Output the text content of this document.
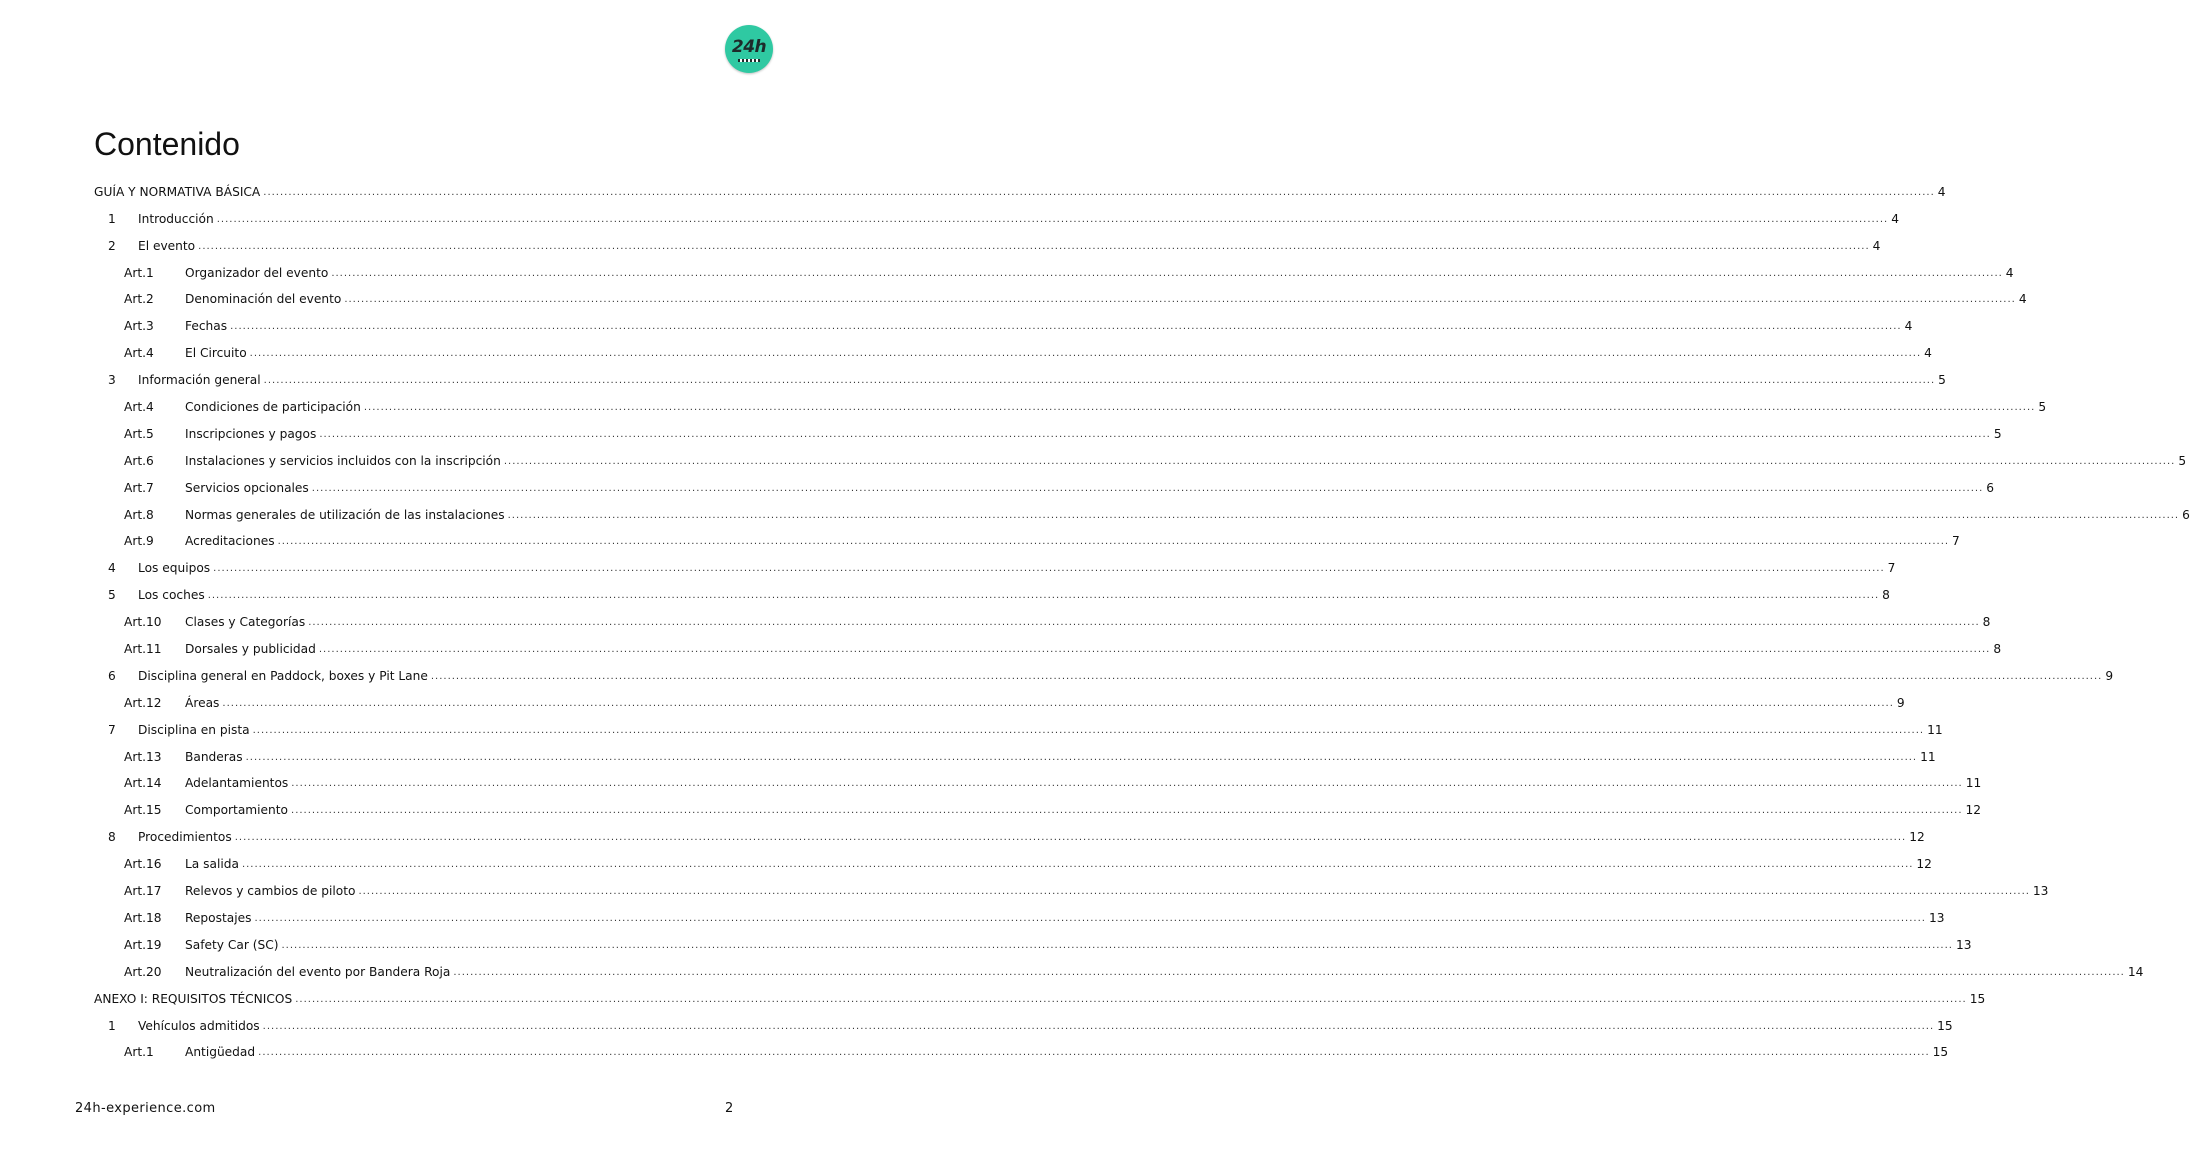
24h
Contenido
GUÍA Y NORMATIVA BÁSICA ................................................................................................................................................................................................................................................................................................................................................................................................................ 4
1	Introducción ................................................................................................................................................................................................................................................................................................................................................................................................................ 4
2	El evento ................................................................................................................................................................................................................................................................................................................................................................................................................ 4
Art.1	Organizador del evento ................................................................................................................................................................................................................................................................................................................................................................................................................ 4
Art.2	Denominación del evento ................................................................................................................................................................................................................................................................................................................................................................................................................ 4
Art.3	Fechas ................................................................................................................................................................................................................................................................................................................................................................................................................ 4
Art.4	El Circuito ................................................................................................................................................................................................................................................................................................................................................................................................................ 4
3	Información general ................................................................................................................................................................................................................................................................................................................................................................................................................ 5
Art.4	Condiciones de participación ................................................................................................................................................................................................................................................................................................................................................................................................................ 5
Art.5	Inscripciones y pagos ................................................................................................................................................................................................................................................................................................................................................................................................................ 5
Art.6	Instalaciones y servicios incluidos con la inscripción ................................................................................................................................................................................................................................................................................................................................................................................................................ 5
Art.7	Servicios opcionales ................................................................................................................................................................................................................................................................................................................................................................................................................ 6
Art.8	Normas generales de utilización de las instalaciones ................................................................................................................................................................................................................................................................................................................................................................................................................ 6
Art.9	Acreditaciones ................................................................................................................................................................................................................................................................................................................................................................................................................ 7
4	Los equipos ................................................................................................................................................................................................................................................................................................................................................................................................................ 7
5	Los coches ................................................................................................................................................................................................................................................................................................................................................................................................................ 8
Art.10	Clases y Categorías ................................................................................................................................................................................................................................................................................................................................................................................................................ 8
Art.11	Dorsales y publicidad ................................................................................................................................................................................................................................................................................................................................................................................................................ 8
6	Disciplina general en Paddock, boxes y Pit Lane ................................................................................................................................................................................................................................................................................................................................................................................................................ 9
Art.12	Áreas ................................................................................................................................................................................................................................................................................................................................................................................................................ 9
7	Disciplina en pista ................................................................................................................................................................................................................................................................................................................................................................................................................ 11
Art.13	Banderas ................................................................................................................................................................................................................................................................................................................................................................................................................ 11
Art.14	Adelantamientos ................................................................................................................................................................................................................................................................................................................................................................................................................ 11
Art.15	Comportamiento ................................................................................................................................................................................................................................................................................................................................................................................................................ 12
8	Procedimientos ................................................................................................................................................................................................................................................................................................................................................................................................................ 12
Art.16	La salida ................................................................................................................................................................................................................................................................................................................................................................................................................ 12
Art.17	Relevos y cambios de piloto ................................................................................................................................................................................................................................................................................................................................................................................................................ 13
Art.18	Repostajes ................................................................................................................................................................................................................................................................................................................................................................................................................ 13
Art.19	Safety Car (SC) ................................................................................................................................................................................................................................................................................................................................................................................................................ 13
Art.20	Neutralización del evento por Bandera Roja ................................................................................................................................................................................................................................................................................................................................................................................................................ 14
ANEXO I: REQUISITOS TÉCNICOS ................................................................................................................................................................................................................................................................................................................................................................................................................ 15
1	Vehículos admitidos ................................................................................................................................................................................................................................................................................................................................................................................................................ 15
Art.1	Antigüedad ................................................................................................................................................................................................................................................................................................................................................................................................................ 15
24h-experience.com	2
